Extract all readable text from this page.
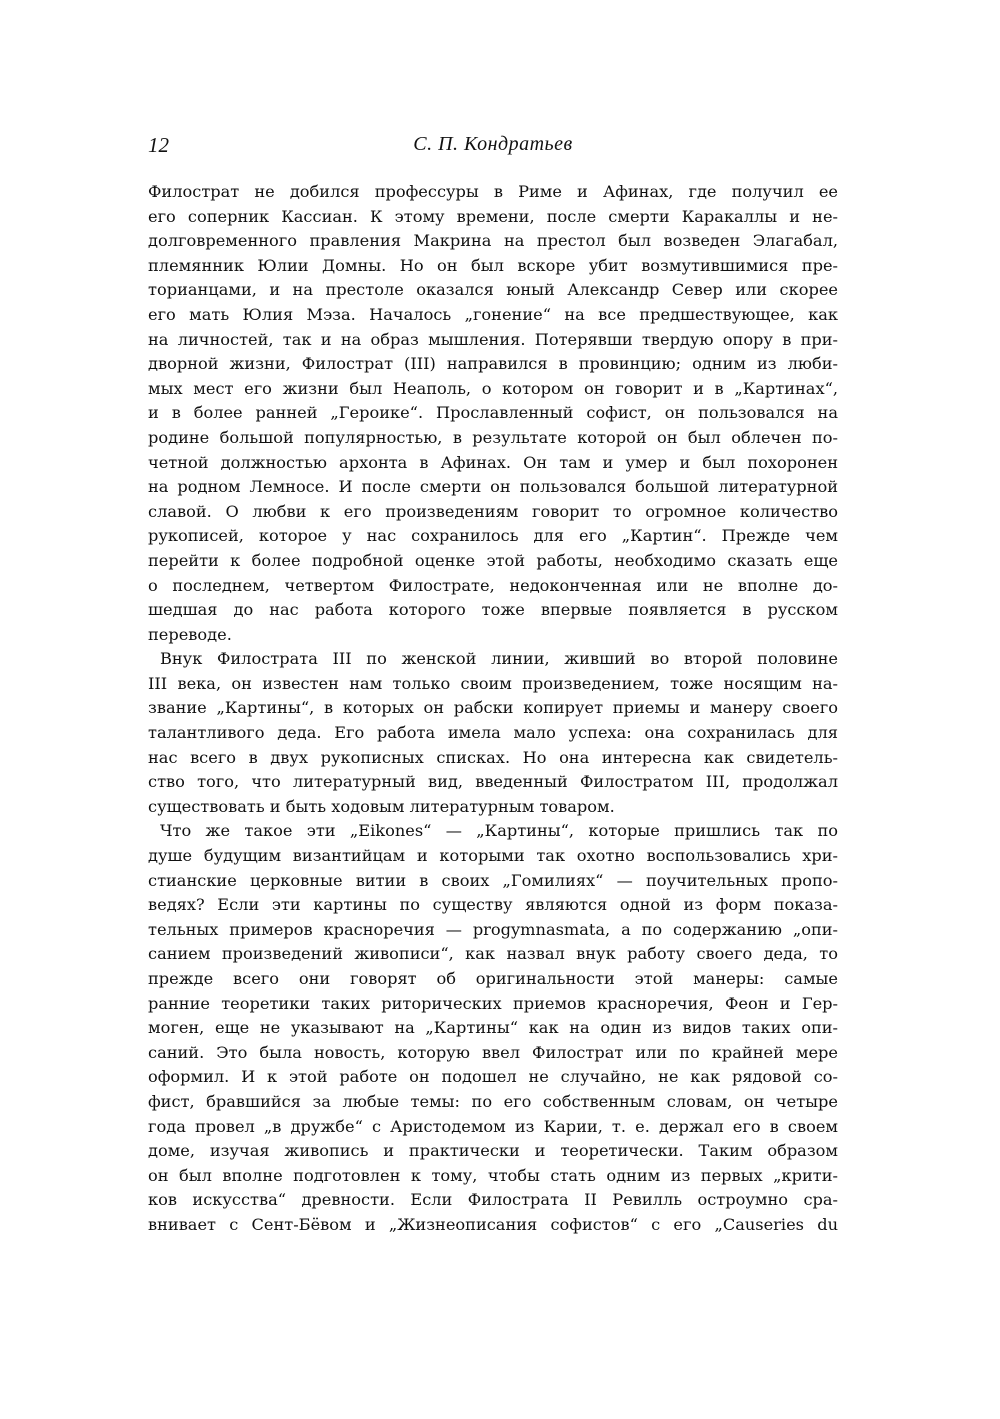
12	С. П. Кондратьев
Филострат не добился профессуры в Риме и Афинах, где получил ее
его соперник Кассиан. К этому времени, после смерти Каракаллы и не-
долговременного правления Макрина на престол был возведен Элагабал,
племянник Юлии Домны. Но он был вскоре убит возмутившимися пре-
торианцами, и на престоле оказался юный Александр Север или скорее
его мать Юлия Мэза. Началось „гонение“ на все предшествующее, как
на личностей, так и на образ мышления. Потерявши твердую опору в при-
дворной жизни, Филострат (III) направился в провинцию; одним из люби-
мых мест его жизни был Неаполь, о котором он говорит и в „Картинах“,
и в более ранней „Героике“. Прославленный софист, он пользовался на
родине большой популярностью, в результате которой он был облечен по-
четной должностью архонта в Афинах. Он там и умер и был похоронен
на родном Лемносе. И после смерти он пользовался большой литературной
славой. О любви к его произведениям говорит то огромное количество
рукописей, которое у нас сохранилось для его „Картин“. Прежде чем
перейти к более подробной оценке этой работы, необходимо сказать еще
о последнем, четвертом Филострате, недоконченная или не вполне до-
шедшая до нас работа которого тоже впервые появляется в русском
переводе.
Внук Филострата III по женской линии, живший во второй половине
III века, он известен нам только своим произведением, тоже носящим на-
звание „Картины“, в которых он рабски копирует приемы и манеру своего
талантливого деда. Его работа имела мало успеха: она сохранилась для
нас всего в двух рукописных списках. Но она интересна как свидетель-
ство того, что литературный вид, введенный Филостратом III, продолжал
существовать и быть ходовым литературным товаром.
Что же такое эти „Eikones“ — „Картины“, которые пришлись так по
душе будущим византийцам и которыми так охотно воспользовались хри-
стианские церковные витии в своих „Гомилиях“ — поучительных пропо-
ведях? Если эти картины по существу являются одной из форм показа-
тельных примеров красноречия — progymnasmata, а по содержанию „опи-
санием произведений живописи“, как назвал внук работу своего деда, то
прежде всего они говорят об оригинальности этой манеры: самые
ранние теоретики таких риторических приемов красноречия, Феон и Гер-
моген, еще не указывают на „Картины“ как на один из видов таких опи-
саний. Это была новость, которую ввел Филострат или по крайней мере
оформил. И к этой работе он подошел не случайно, не как рядовой со-
фист, бравшийся за любые темы: по его собственным словам, он четыре
года провел „в дружбе“ с Аристодемом из Карии, т. е. держал его в своем
доме, изучая живопись и практически и теоретически. Таким образом
он был вполне подготовлен к тому, чтобы стать одним из первых „крити-
ков искусства“ древности. Если Филострата II Ревилль остроумно сра-
внивает с Сент-Бёвом и „Жизнеописания софистов“ с его „Causeries du
